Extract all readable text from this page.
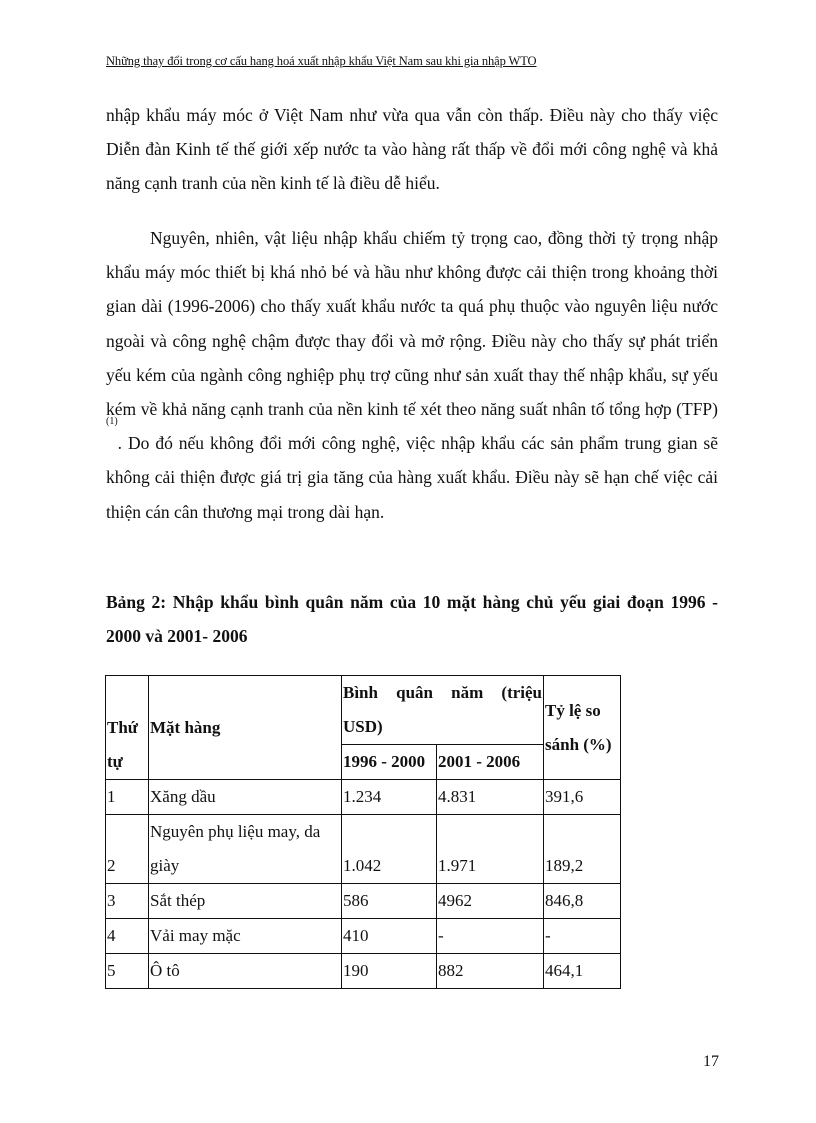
Những thay đổi trong cơ cấu hang hoá xuất nhập khẩu Việt Nam sau khi gia nhập WTO

nhập khẩu máy móc ở Việt Nam như vừa qua vẫn còn thấp. Điều này cho thấy việc Diễn đàn Kinh tế thế giới xếp nước ta vào hàng rất thấp về đổi mới công nghệ và khả năng cạnh tranh của nền kinh tế là điều dễ hiểu.

Nguyên, nhiên, vật liệu nhập khẩu chiếm tỷ trọng cao, đồng thời tỷ trọng nhập khẩu máy móc thiết bị khá nhỏ bé và hầu như không được cải thiện trong khoảng thời gian dài (1996-2006) cho thấy xuất khẩu nước ta quá phụ thuộc vào nguyên liệu nước ngoài và công nghệ chậm được thay đổi và mở rộng. Điều này cho thấy sự phát triển yếu kém của ngành công nghiệp phụ trợ cũng như sản xuất thay thế nhập khẩu, sự yếu kém về khả năng cạnh tranh của nền kinh tế xét theo năng suất nhân tố tổng hợp (TFP)$^{(1)}$. Do đó nếu không đổi mới công nghệ, việc nhập khẩu các sản phẩm trung gian sẽ không cải thiện được giá trị gia tăng của hàng xuất khẩu. Điều này sẽ hạn chế việc cải thiện cán cân thương mại trong dài hạn.

Bảng 2: Nhập khẩu bình quân năm của 10 mặt hàng chủ yếu giai đoạn 1996 - 2000 và 2001- 2006

Thứ tự	Mặt hàng	Bình quân năm (triệu USD)		Tỷ lệ so sánh (%)
		1996 - 2000	2001 - 2006	
1	Xăng dầu	1.234	4.831	391,6
2	Nguyên phụ liệu may, da giày	1.042	1.971	189,2
3	Sắt thép	586	4962	846,8
4	Vải may mặc	410	-	-
5	Ô tô	190	882	464,1
17
